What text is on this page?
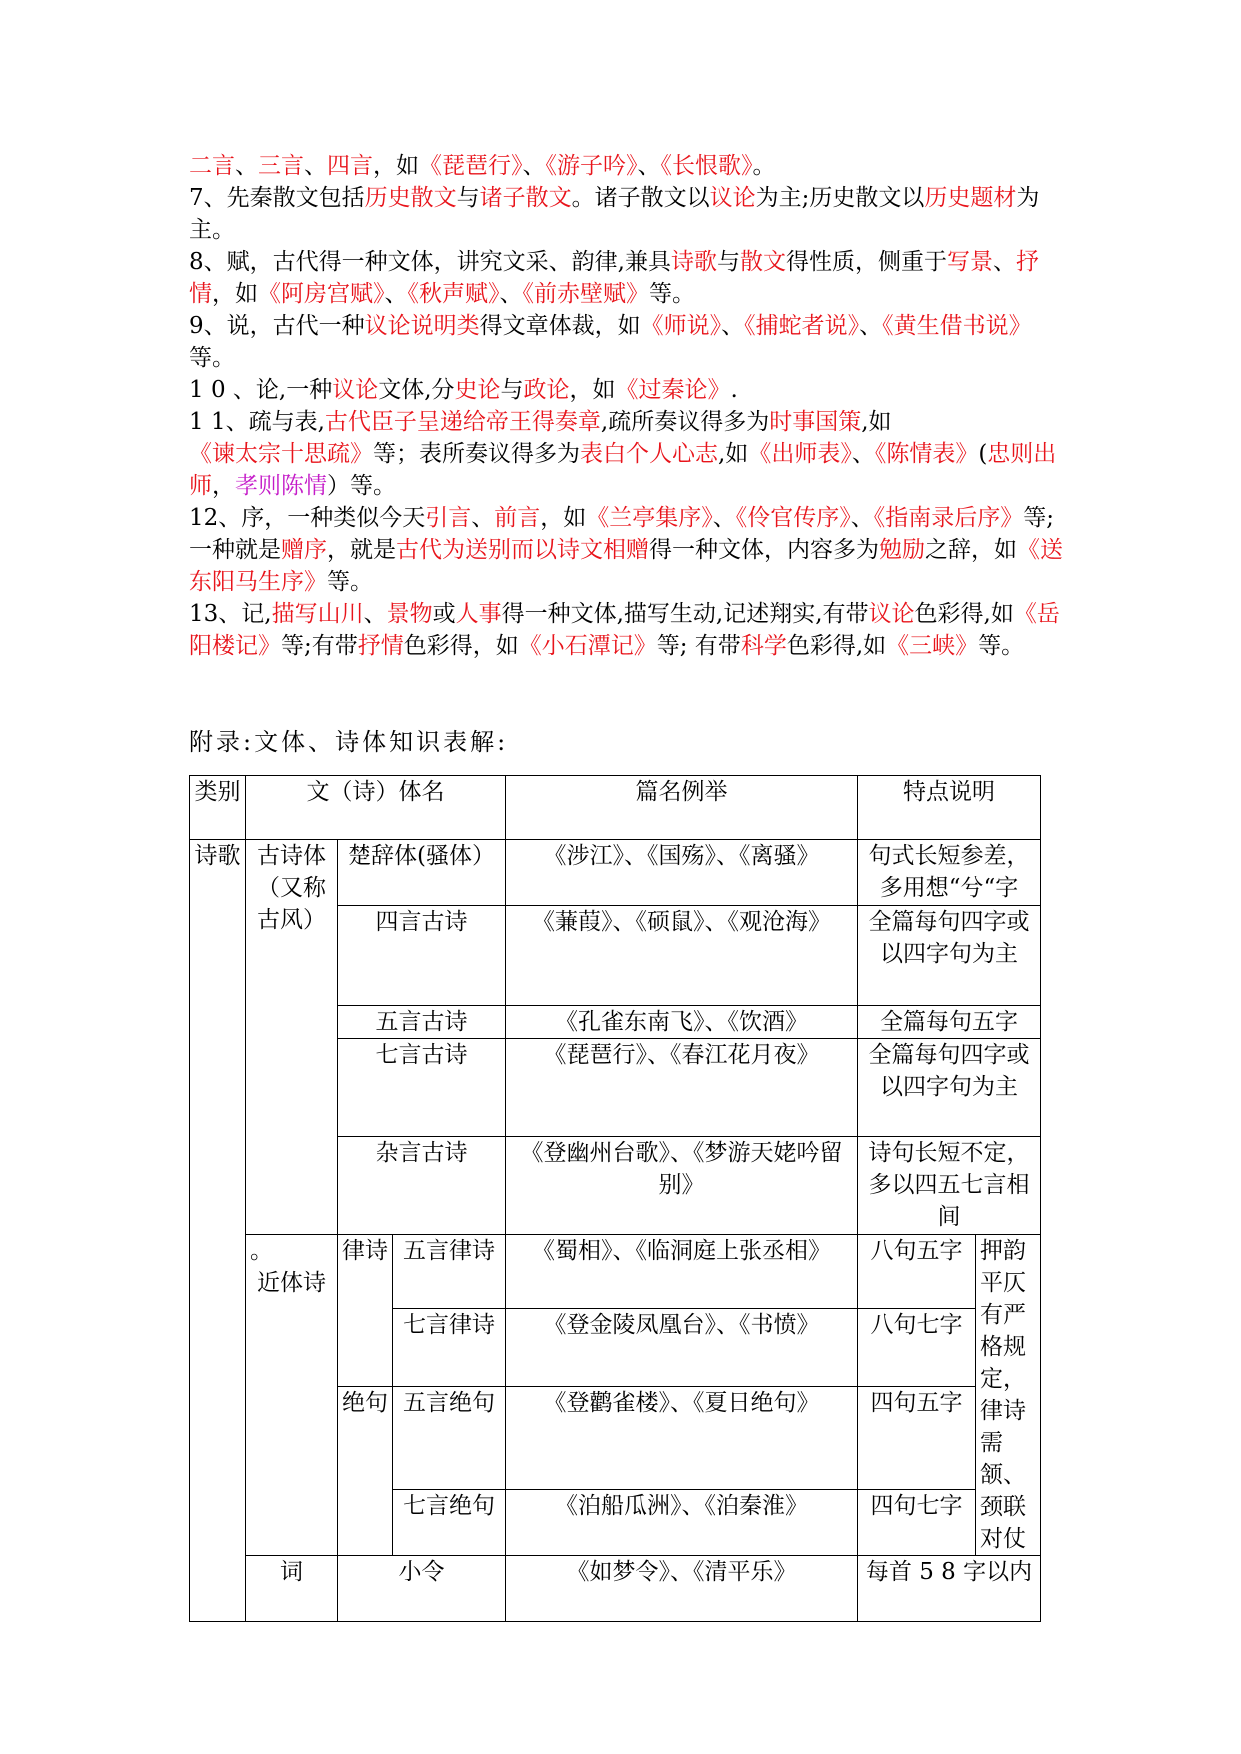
二言、三言、四言，如《琵琶行》、《游子吟》、《长恨歌》。

7、先秦散文包括历史散文与诸子散文。诸子散文以议论为主;历史散文以历史题材为主。

8、赋，古代得一种文体，讲究文采、韵律,兼具诗歌与散文得性质，侧重于写景、抒情，如《阿房宫赋》、《秋声赋》、《前赤壁赋》等。

9、说，古代一种议论说明类得文章体裁，如《师说》、《捕蛇者说》、《黄生借书说》等。

1 0 、论,一种议论文体,分史论与政论，如《过秦论》.

1 1、疏与表,古代臣子呈递给帝王得奏章,疏所奏议得多为时事国策,如《谏太宗十思疏》等；表所奏议得多为表白个人心志,如《出师表》、《陈情表》(忠则出师，孝则陈情）等。

12、序，一种类似今天引言、前言，如《兰亭集序》、《伶官传序》、《指南录后序》等;一种就是赠序，就是古代为送别而以诗文相赠得一种文体，内容多为勉励之辞，如《送东阳马生序》等。

13、记,描写山川、景物或人事得一种文体,描写生动,记述翔实,有带议论色彩得,如《岳阳楼记》等;有带抒情色彩得，如《小石潭记》等; 有带科学色彩得,如《三峡》等。

附录:文体、诗体知识表解:

类别	文（诗）体名			篇名例举	特点说明	
诗歌	古诗体（又称古风）	楚辞体(骚体）		《涉江》、《国殇》、《离骚》	句式长短参差，多用想“兮“字	
		四言古诗		《蒹葭》、《硕鼠》、《观沧海》	全篇每句四字或以四字句为主	
		五言古诗		《孔雀东南飞》、《饮酒》	全篇每句五字	
		七言古诗		《琵琶行》、《春江花月夜》	全篇每句四字或以四字句为主	
		杂言古诗		《登幽州台歌》、《梦游天姥吟留别》	诗句长短不定，多以四五七言相间	

	。
近体诗	律诗	五言律诗	《蜀相》、《临洞庭上张丞相》	八句五字	押韵平仄有严格规定，律诗需颔、颈联对仗
			七言律诗	《登金陵凤凰台》、《书愤》	八句七字	
		绝句	五言绝句	《登鹳雀楼》、《夏日绝句》	四句五字	
			七言绝句	《泊船瓜洲》、《泊秦淮》	四句七字	
	词	小令		《如梦令》、《清平乐》	每首 5 8 字以内	
